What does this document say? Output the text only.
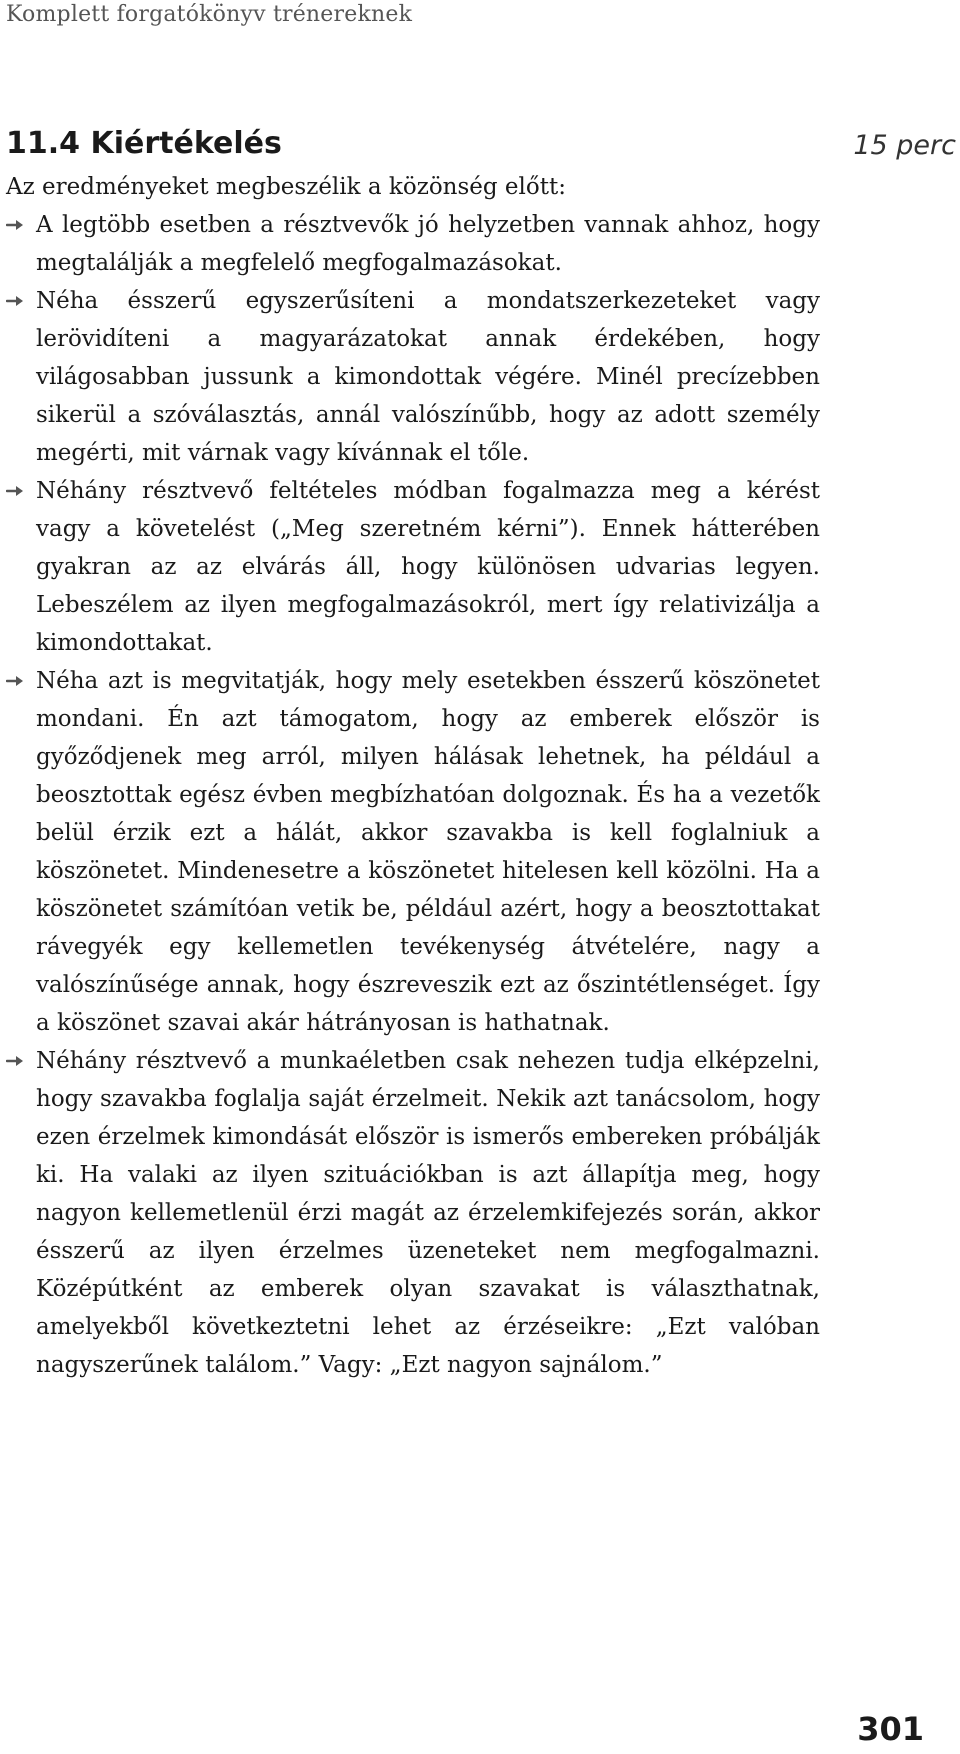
Komplett forgatókönyv trénereknek
11.4 Kiértékelés	15 perc

Az eredményeket megbeszélik a közönség előtt:

A legtöbb esetben a résztvevők jó helyzetben vannak ahhoz, hogy megtalálják a megfelelő megfogalmazásokat.
Néha ésszerű egyszerűsíteni a mondatszerkezeteket vagy lerövidíteni a magyarázatokat annak érdekében, hogy világosabban jussunk a kimondottak végére. Minél precízebben sikerül a szóválasztás, annál valószínűbb, hogy az adott személy megérti, mit várnak vagy kívánnak el tőle.
Néhány résztvevő feltételes módban fogalmazza meg a kérést vagy a követelést („Meg szeretném kérni”). Ennek hátterében gyakran az az elvárás áll, hogy különösen udvarias legyen. Lebeszélem az ilyen megfogalmazásokról, mert így relativizálja a kimondottakat.
Néha azt is megvitatják, hogy mely esetekben ésszerű köszönetet mondani. Én azt támogatom, hogy az emberek először is győződjenek meg arról, milyen hálásak lehetnek, ha például a beosztottak egész évben megbízhatóan dolgoznak. És ha a vezetők belül érzik ezt a hálát, akkor szavakba is kell foglalniuk a köszönetet. Mindenesetre a köszönetet hitelesen kell közölni. Ha a köszönetet számítóan vetik be, például azért, hogy a beosztottakat rávegyék egy kellemetlen tevékenység átvételére, nagy a valószínűsége annak, hogy észreveszik ezt az őszintétlenséget. Így a köszönet szavai akár hátrányosan is hathatnak.
Néhány résztvevő a munkaéletben csak nehezen tudja elképzelni, hogy szavakba foglalja saját érzelmeit. Nekik azt tanácsolom, hogy ezen érzelmek kimondását először is ismerős embereken próbálják ki. Ha valaki az ilyen szituációkban is azt állapítja meg, hogy nagyon kellemetlenül érzi magát az érzelemkifejezés során, akkor ésszerű az ilyen érzelmes üzeneteket nem megfogalmazni. Középútként az emberek olyan szavakat is választhatnak, amelyekből következtetni lehet az érzéseikre: „Ezt valóban nagyszerűnek találom.” Vagy: „Ezt nagyon sajnálom.”
301
